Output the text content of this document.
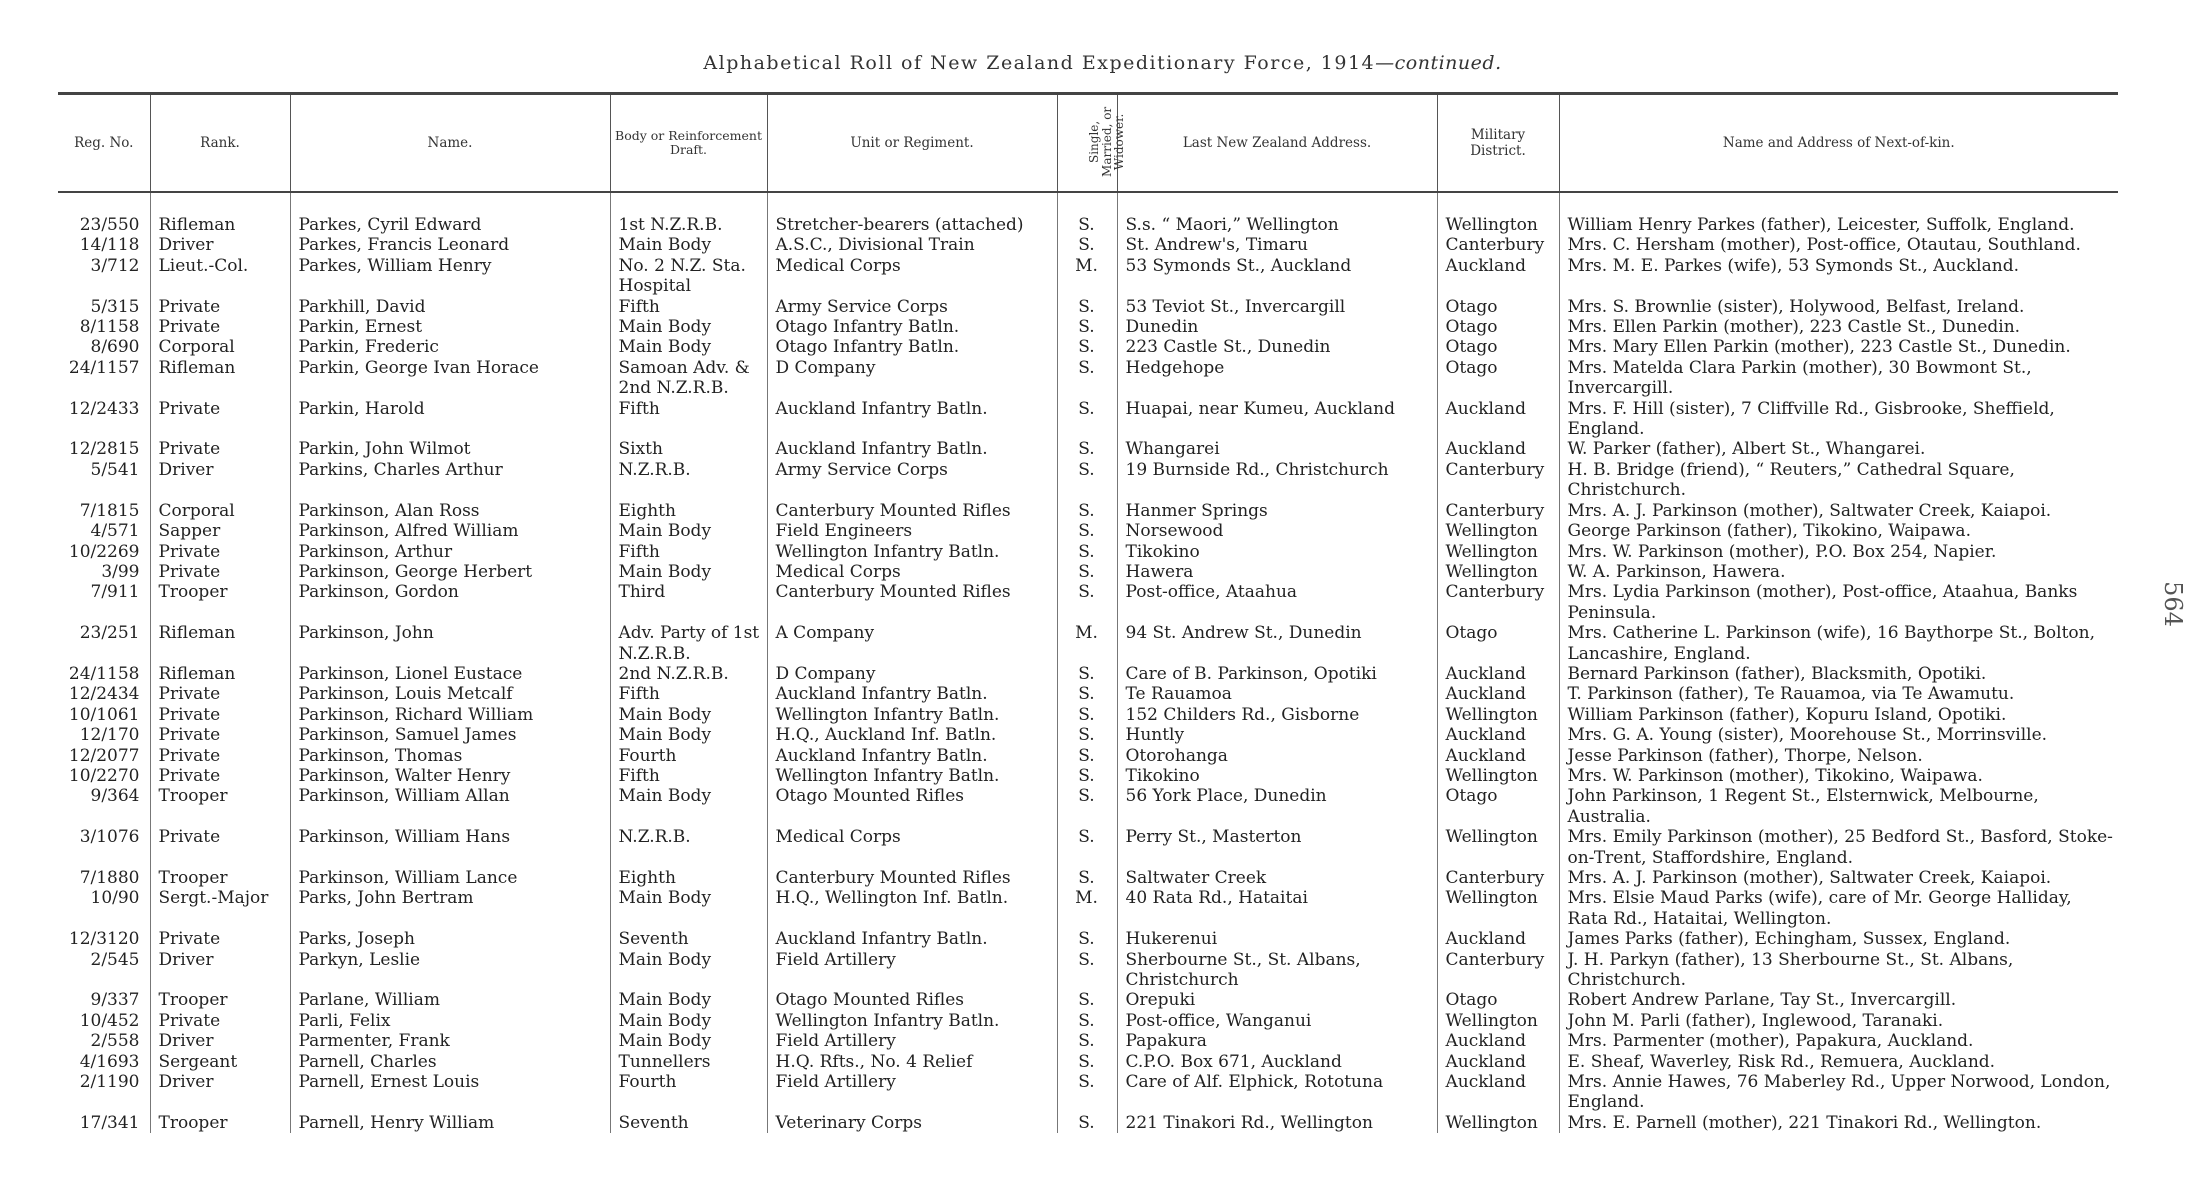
Alphabetical Roll of New Zealand Expeditionary Force, 1914—continued.
564
Reg. No.	Rank.	Name.	Body or Reinforcement Draft.	Unit or Regiment.	Single, Married, or Widower.	Last New Zealand Address.	Military District.	Name and Address of Next-of-kin.

23/550	Rifleman	Parkes, Cyril Edward	1st N.Z.R.B.	Stretcher-bearers (attached)	S.	S.s. “ Maori,” Wellington	Wellington	William Henry Parkes (father), Leicester, Suffolk, England.
14/118	Driver	Parkes, Francis Leonard	Main Body	A.S.C., Divisional Train	S.	St. Andrew's, Timaru	Canterbury	Mrs. C. Hersham (mother), Post-office, Otautau, Southland.
3/712	Lieut.-Col.	Parkes, William Henry	No. 2 N.Z. Sta. Hospital	Medical Corps	M.	53 Symonds St., Auckland	Auckland	Mrs. M. E. Parkes (wife), 53 Symonds St., Auckland.
5/315	Private	Parkhill, David	Fifth	Army Service Corps	S.	53 Teviot St., Invercargill	Otago	Mrs. S. Brownlie (sister), Holywood, Belfast, Ireland.
8/1158	Private	Parkin, Ernest	Main Body	Otago Infantry Batln.	S.	Dunedin	Otago	Mrs. Ellen Parkin (mother), 223 Castle St., Dunedin.
8/690	Corporal	Parkin, Frederic	Main Body	Otago Infantry Batln.	S.	223 Castle St., Dunedin	Otago	Mrs. Mary Ellen Parkin (mother), 223 Castle St., Dunedin.
24/1157	Rifleman	Parkin, George Ivan Horace	Samoan Adv. & 2nd N.Z.R.B.	D Company	S.	Hedgehope	Otago	Mrs. Matelda Clara Parkin (mother), 30 Bowmont St., Invercargill.
12/2433	Private	Parkin, Harold	Fifth	Auckland Infantry Batln.	S.	Huapai, near Kumeu, Auckland	Auckland	Mrs. F. Hill (sister), 7 Cliffville Rd., Gisbrooke, Sheffield, England.
12/2815	Private	Parkin, John Wilmot	Sixth	Auckland Infantry Batln.	S.	Whangarei	Auckland	W. Parker (father), Albert St., Whangarei.
5/541	Driver	Parkins, Charles Arthur	N.Z.R.B.	Army Service Corps	S.	19 Burnside Rd., Christchurch	Canterbury	H. B. Bridge (friend), “ Reuters,” Cathedral Square, Christchurch.
7/1815	Corporal	Parkinson, Alan Ross	Eighth	Canterbury Mounted Rifles	S.	Hanmer Springs	Canterbury	Mrs. A. J. Parkinson (mother), Saltwater Creek, Kaiapoi.
4/571	Sapper	Parkinson, Alfred William	Main Body	Field Engineers	S.	Norsewood	Wellington	George Parkinson (father), Tikokino, Waipawa.
10/2269	Private	Parkinson, Arthur	Fifth	Wellington Infantry Batln.	S.	Tikokino	Wellington	Mrs. W. Parkinson (mother), P.O. Box 254, Napier.
3/99	Private	Parkinson, George Herbert	Main Body	Medical Corps	S.	Hawera	Wellington	W. A. Parkinson, Hawera.
7/911	Trooper	Parkinson, Gordon	Third	Canterbury Mounted Rifles	S.	Post-office, Ataahua	Canterbury	Mrs. Lydia Parkinson (mother), Post-office, Ataahua, Banks Peninsula.
23/251	Rifleman	Parkinson, John	Adv. Party of 1st N.Z.R.B.	A Company	M.	94 St. Andrew St., Dunedin	Otago	Mrs. Catherine L. Parkinson (wife), 16 Baythorpe St., Bolton, Lancashire, England.
24/1158	Rifleman	Parkinson, Lionel Eustace	2nd N.Z.R.B.	D Company	S.	Care of B. Parkinson, Opotiki	Auckland	Bernard Parkinson (father), Blacksmith, Opotiki.
12/2434	Private	Parkinson, Louis Metcalf	Fifth	Auckland Infantry Batln.	S.	Te Rauamoa	Auckland	T. Parkinson (father), Te Rauamoa, via Te Awamutu.
10/1061	Private	Parkinson, Richard William	Main Body	Wellington Infantry Batln.	S.	152 Childers Rd., Gisborne	Wellington	William Parkinson (father), Kopuru Island, Opotiki.
12/170	Private	Parkinson, Samuel James	Main Body	H.Q., Auckland Inf. Batln.	S.	Huntly	Auckland	Mrs. G. A. Young (sister), Moorehouse St., Morrinsville.
12/2077	Private	Parkinson, Thomas	Fourth	Auckland Infantry Batln.	S.	Otorohanga	Auckland	Jesse Parkinson (father), Thorpe, Nelson.
10/2270	Private	Parkinson, Walter Henry	Fifth	Wellington Infantry Batln.	S.	Tikokino	Wellington	Mrs. W. Parkinson (mother), Tikokino, Waipawa.
9/364	Trooper	Parkinson, William Allan	Main Body	Otago Mounted Rifles	S.	56 York Place, Dunedin	Otago	John Parkinson, 1 Regent St., Elsternwick, Melbourne, Australia.
3/1076	Private	Parkinson, William Hans	N.Z.R.B.	Medical Corps	S.	Perry St., Masterton	Wellington	Mrs. Emily Parkinson (mother), 25 Bedford St., Basford, Stoke-on-Trent, Staffordshire, England.
7/1880	Trooper	Parkinson, William Lance	Eighth	Canterbury Mounted Rifles	S.	Saltwater Creek	Canterbury	Mrs. A. J. Parkinson (mother), Saltwater Creek, Kaiapoi.
10/90	Sergt.-Major	Parks, John Bertram	Main Body	H.Q., Wellington Inf. Batln.	M.	40 Rata Rd., Hataitai	Wellington	Mrs. Elsie Maud Parks (wife), care of Mr. George Halliday, Rata Rd., Hataitai, Wellington.
12/3120	Private	Parks, Joseph	Seventh	Auckland Infantry Batln.	S.	Hukerenui	Auckland	James Parks (father), Echingham, Sussex, England.
2/545	Driver	Parkyn, Leslie	Main Body	Field Artillery	S.	Sherbourne St., St. Albans, Christchurch	Canterbury	J. H. Parkyn (father), 13 Sherbourne St., St. Albans, Christchurch.
9/337	Trooper	Parlane, William	Main Body	Otago Mounted Rifles	S.	Orepuki	Otago	Robert Andrew Parlane, Tay St., Invercargill.
10/452	Private	Parli, Felix	Main Body	Wellington Infantry Batln.	S.	Post-office, Wanganui	Wellington	John M. Parli (father), Inglewood, Taranaki.
2/558	Driver	Parmenter, Frank	Main Body	Field Artillery	S.	Papakura	Auckland	Mrs. Parmenter (mother), Papakura, Auckland.
4/1693	Sergeant	Parnell, Charles	Tunnellers	H.Q. Rfts., No. 4 Relief	S.	C.P.O. Box 671, Auckland	Auckland	E. Sheaf, Waverley, Risk Rd., Remuera, Auckland.
2/1190	Driver	Parnell, Ernest Louis	Fourth	Field Artillery	S.	Care of Alf. Elphick, Rototuna	Auckland	Mrs. Annie Hawes, 76 Maberley Rd., Upper Norwood, London, England.
17/341	Trooper	Parnell, Henry William	Seventh	Veterinary Corps	S.	221 Tinakori Rd., Wellington	Wellington	Mrs. E. Parnell (mother), 221 Tinakori Rd., Wellington.
